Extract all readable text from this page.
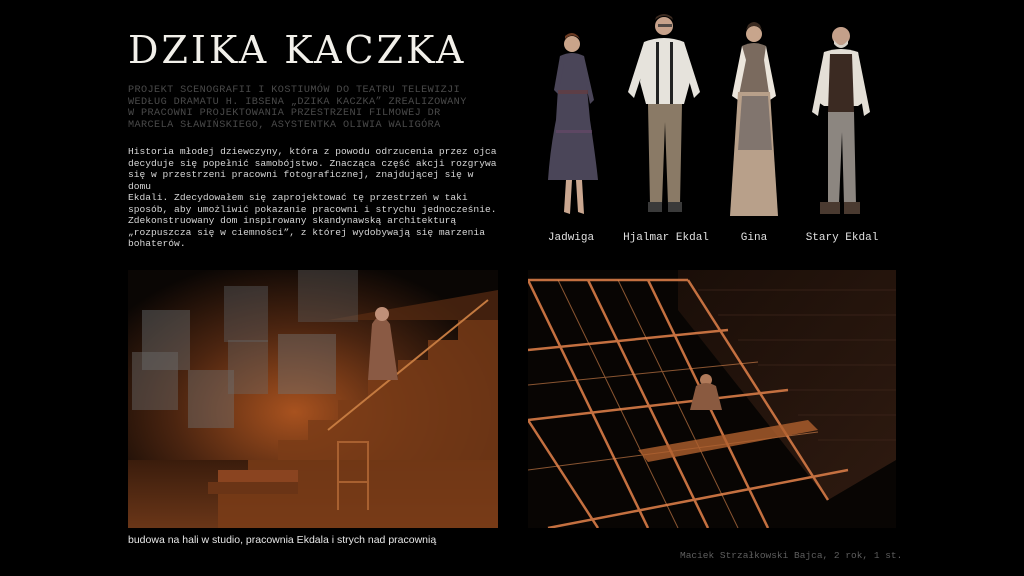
DZIKA KACZKA
PROJEKT SCENOGRAFII I KOSTIUMÓW DO TEATRU TELEWIZJI
WEDŁUG DRAMATU H. IBSENA „DZIKA KACZKA” ZREALIZOWANY
W PRACOWNI PROJEKTOWANIA PRZESTRZENI FILMOWEJ DR
MARCELA SŁAWIŃSKIEGO, ASYSTENTKA OLIWIA WALIGÓRA
Historia młodej dziewczyny, która z powodu odrzucenia przez ojca
decyduje się popełnić samobójstwo. Znacząca część akcji rozgrywa
się w przestrzeni pracowni fotograficznej, znajdującej się w domu
Ekdali. Zdecydowałem się zaprojektować tę przestrzeń w taki
sposób, aby umożliwić pokazanie pracowni i strychu jednocześnie.
Zdekonstruowany dom inspirowany skandynawską architekturą
„rozpuszcza się w ciemności”, z której wydobywają się marzenia
bohaterów.	Jadwiga	Hjalmar Ekdal	Gina	Stary Ekdal
budowa na hali w studio, pracownia Ekdala i strych nad pracownią
Maciek Strzałkowski Bajca, 2 rok, 1 st.
